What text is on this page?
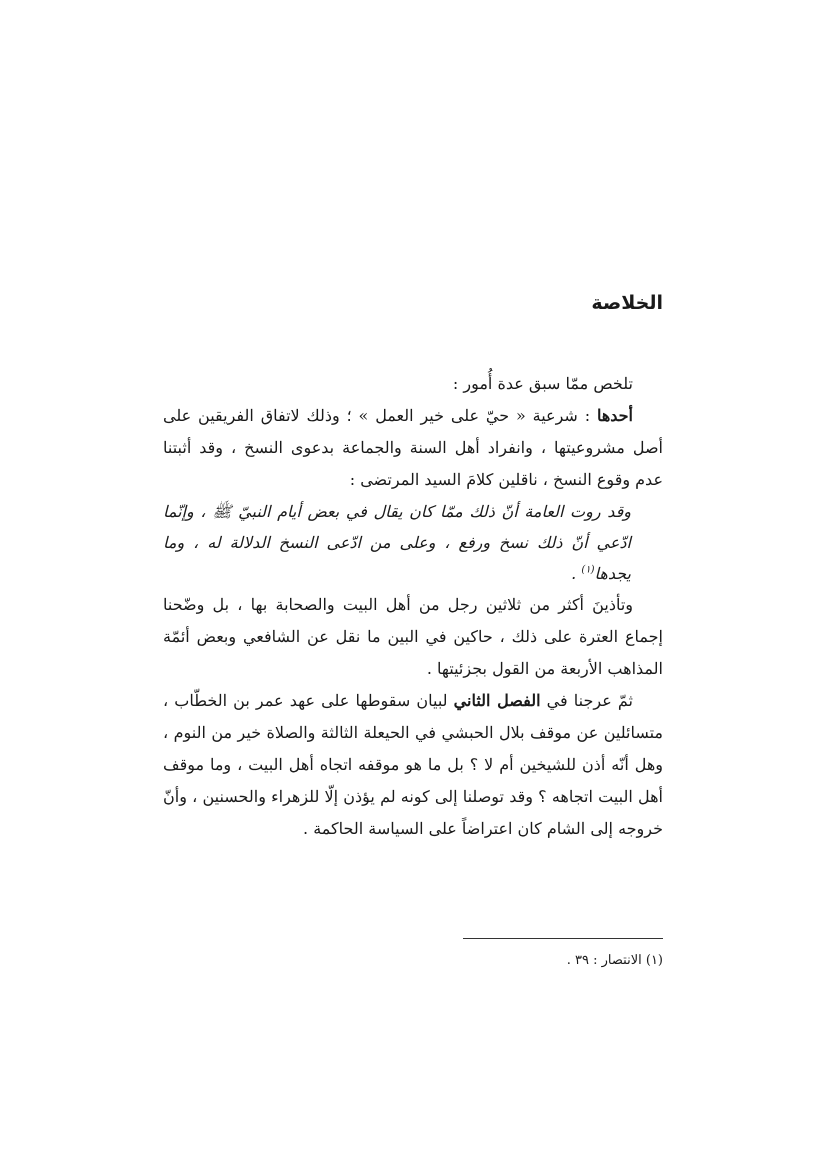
الخلاصة

تلخص ممّا سبق عدة أُمور :

أحدها : شرعية « حيّ على خير العمل » ؛ وذلك لاتفاق الفريقين على أصل مشروعيتها ، وانفراد أهل السنة والجماعة بدعوى النسخ ، وقد أثبتنا عدم وقوع النسخ ، ناقلين كلامَ السيد المرتضى :

وقد روت العامة أنّ ذلك ممّا كان يقال في بعض أيام النبيّ ﷺ ، وإنّما ادّعي أنّ ذلك نسخ ورفع ، وعلى من ادّعى النسخ الدلالة له ، وما يجدها$^{(١)}$ .

وتأذينَ أكثر من ثلاثين رجل من أهل البيت والصحابة بها ، بل وضّحنا إجماع العترة على ذلك ، حاكين في البين ما نقل عن الشافعي وبعض أئمّة المذاهب الأربعة من القول بجزئيتها .

ثمّ عرجنا في الفصل الثاني لبيان سقوطها على عهد عمر بن الخطّاب ، متسائلين عن موقف بلال الحبشي في الحيعلة الثالثة والصلاة خير من النوم ، وهل أنّه أذن للشيخين أم لا ؟ بل ما هو موقفه اتجاه أهل البيت ، وما موقف أهل البيت اتجاهه ؟ وقد توصلنا إلى كونه لم يؤذن إلّا للزهراء والحسنين ، وأنّ خروجه إلى الشام كان اعتراضاً على السياسة الحاكمة .

(١) الانتصار : ٣٩ .
